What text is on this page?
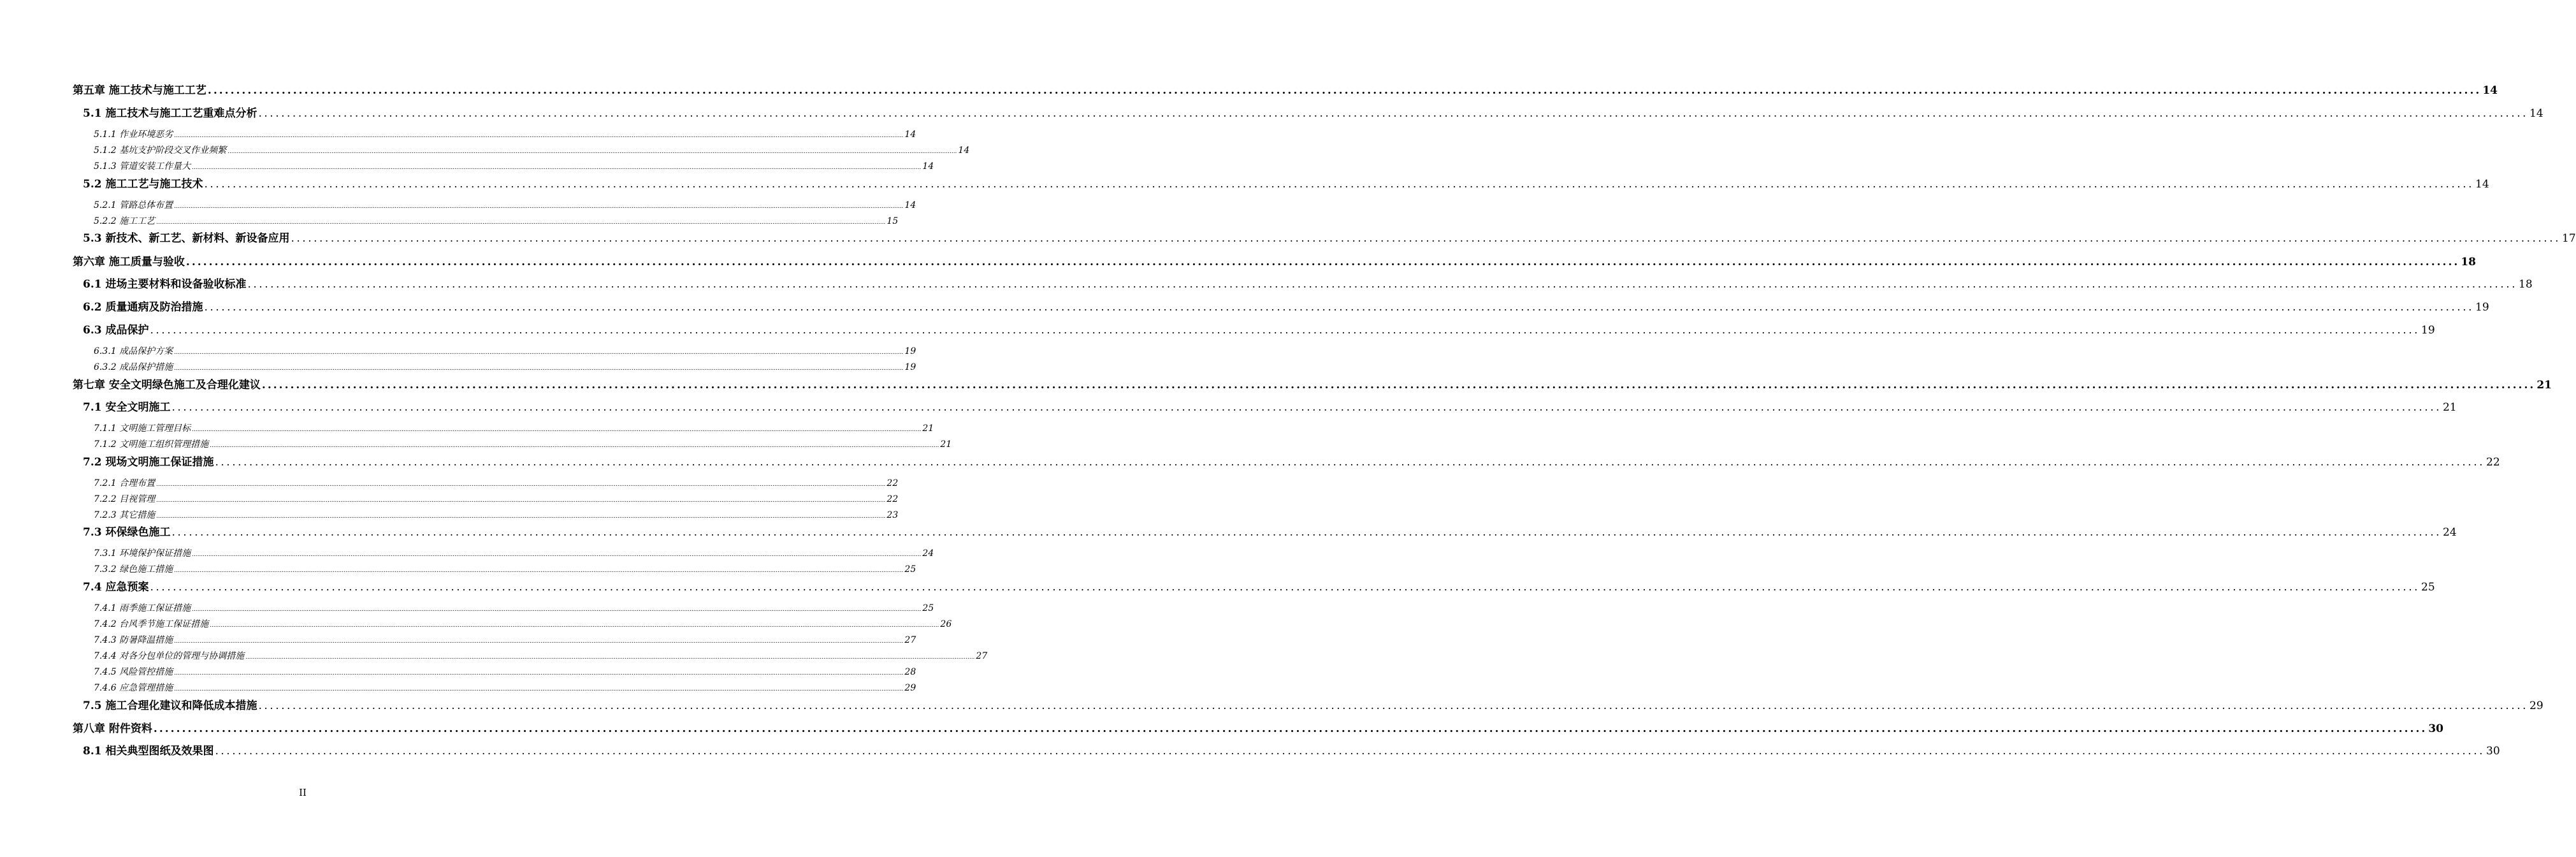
第五章 施工技术与施工工艺 ................................................................................................................................................................................................................................................................................................................................................................................................................ 14
5.1 施工技术与施工工艺重难点分析 ................................................................................................................................................................................................................................................................................................................................................................................................................ 14
5.1.1 作业环境恶劣 ................................................................................................................................................................................................................................................................................................................................................................................................................ 14
5.1.2 基坑支护阶段交叉作业频繁 ................................................................................................................................................................................................................................................................................................................................................................................................................ 14
5.1.3 管道安装工作量大 ................................................................................................................................................................................................................................................................................................................................................................................................................ 14
5.2 施工工艺与施工技术 ................................................................................................................................................................................................................................................................................................................................................................................................................ 14
5.2.1 管路总体布置 ................................................................................................................................................................................................................................................................................................................................................................................................................ 14
5.2.2 施工工艺 ................................................................................................................................................................................................................................................................................................................................................................................................................ 15
5.3 新技术、新工艺、新材料、新设备应用 ................................................................................................................................................................................................................................................................................................................................................................................................................ 17
第六章 施工质量与验收 ................................................................................................................................................................................................................................................................................................................................................................................................................ 18
6.1 进场主要材料和设备验收标准 ................................................................................................................................................................................................................................................................................................................................................................................................................ 18
6.2 质量通病及防治措施 ................................................................................................................................................................................................................................................................................................................................................................................................................ 19
6.3 成品保护 ................................................................................................................................................................................................................................................................................................................................................................................................................ 19
6.3.1 成品保护方案 ................................................................................................................................................................................................................................................................................................................................................................................................................ 19
6.3.2 成品保护措施 ................................................................................................................................................................................................................................................................................................................................................................................................................ 19
第七章 安全文明绿色施工及合理化建议 ................................................................................................................................................................................................................................................................................................................................................................................................................ 21
7.1 安全文明施工 ................................................................................................................................................................................................................................................................................................................................................................................................................ 21
7.1.1 文明施工管理目标 ................................................................................................................................................................................................................................................................................................................................................................................................................ 21
7.1.2 文明施工组织管理措施 ................................................................................................................................................................................................................................................................................................................................................................................................................ 21
7.2 现场文明施工保证措施 ................................................................................................................................................................................................................................................................................................................................................................................................................ 22
7.2.1 合理布置 ................................................................................................................................................................................................................................................................................................................................................................................................................ 22
7.2.2 目视管理 ................................................................................................................................................................................................................................................................................................................................................................................................................ 22
7.2.3 其它措施 ................................................................................................................................................................................................................................................................................................................................................................................................................ 23
7.3 环保绿色施工 ................................................................................................................................................................................................................................................................................................................................................................................................................ 24
7.3.1 环境保护保证措施 ................................................................................................................................................................................................................................................................................................................................................................................................................ 24
7.3.2 绿色施工措施 ................................................................................................................................................................................................................................................................................................................................................................................................................ 25
7.4 应急预案 ................................................................................................................................................................................................................................................................................................................................................................................................................ 25
7.4.1 雨季施工保证措施 ................................................................................................................................................................................................................................................................................................................................................................................................................ 25
7.4.2 台风季节施工保证措施 ................................................................................................................................................................................................................................................................................................................................................................................................................ 26
7.4.3 防暑降温措施 ................................................................................................................................................................................................................................................................................................................................................................................................................ 27
7.4.4 对各分包单位的管理与协调措施 ................................................................................................................................................................................................................................................................................................................................................................................................................ 27
7.4.5 风险管控措施 ................................................................................................................................................................................................................................................................................................................................................................................................................ 28
7.4.6 应急管理措施 ................................................................................................................................................................................................................................................................................................................................................................................................................ 29
7.5 施工合理化建议和降低成本措施 ................................................................................................................................................................................................................................................................................................................................................................................................................ 29
第八章 附件资料 ................................................................................................................................................................................................................................................................................................................................................................................................................ 30
8.1 相关典型图纸及效果图 ................................................................................................................................................................................................................................................................................................................................................................................................................ 30
II
